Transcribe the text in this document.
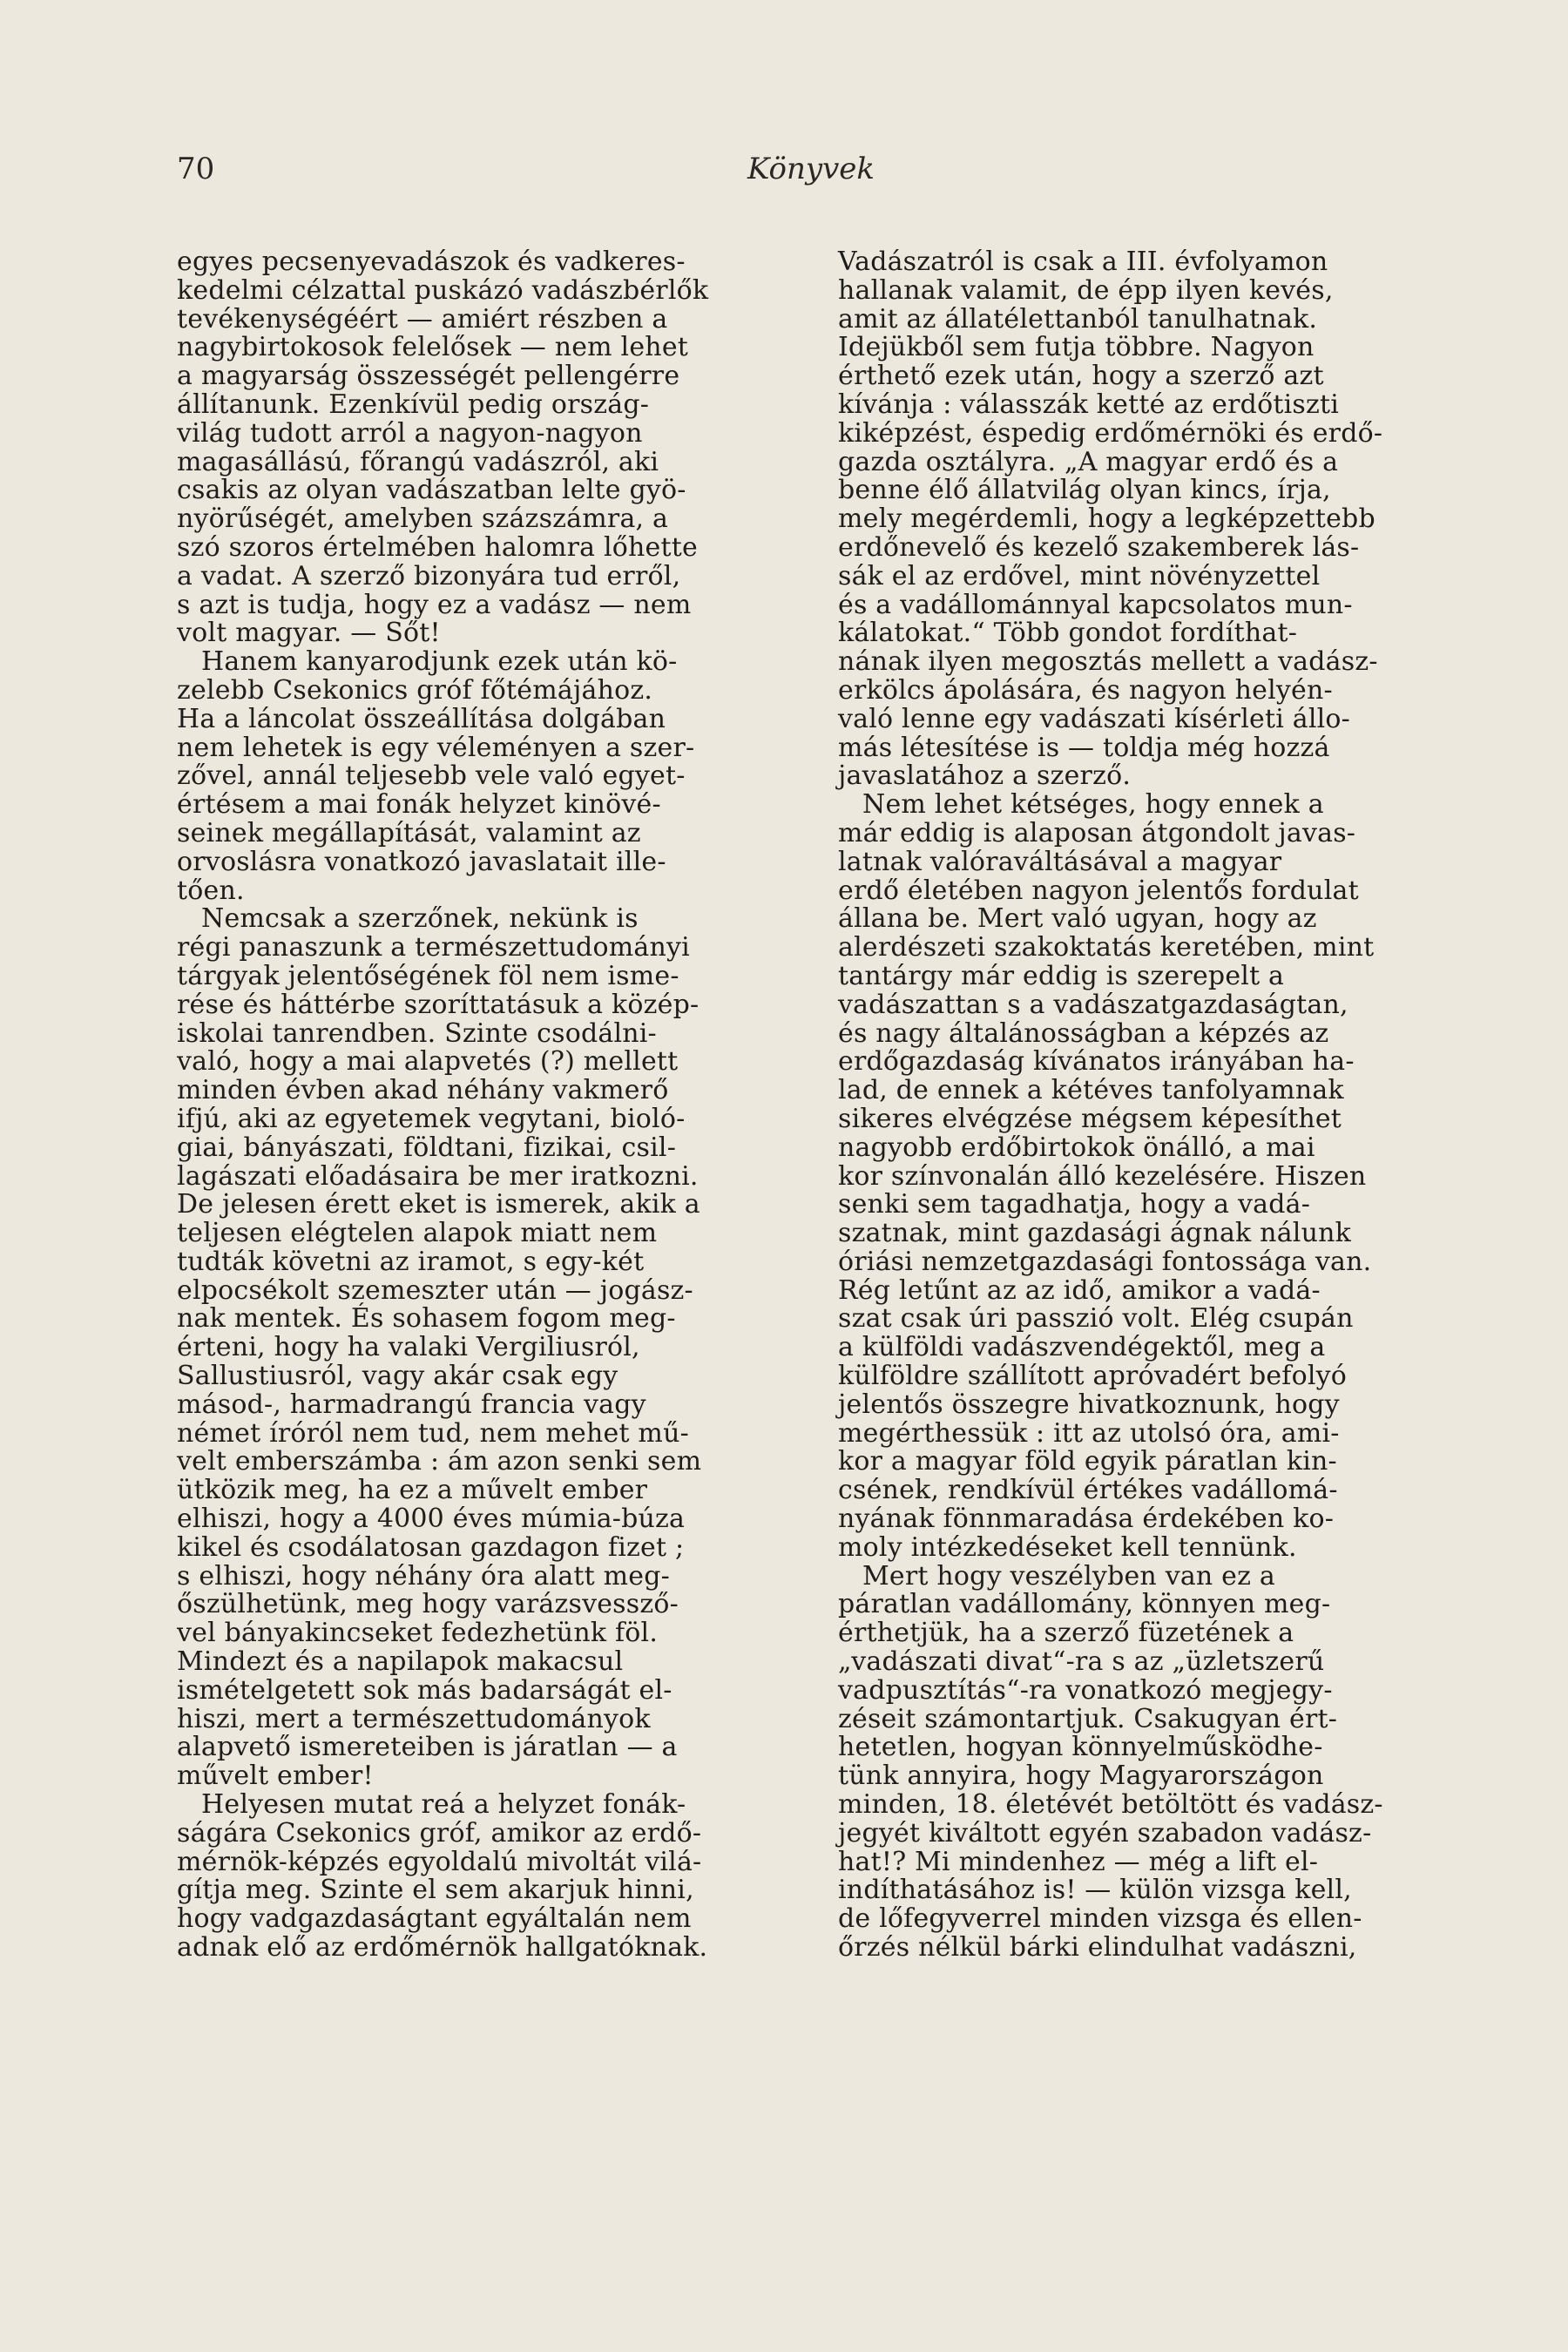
70	Könyvek

egyes pecsenyevadászok és vadkeres-
kedelmi célzattal puskázó vadászbérlők
tevékenységéért — amiért részben a
nagybirtokosok felelősek — nem lehet
a magyarság összességét pellengérre
állítanunk. Ezenkívül pedig ország-
világ tudott arról a nagyon-nagyon
magasállású, főrangú vadászról, aki
csakis az olyan vadászatban lelte gyö-
nyörűségét, amelyben százszámra, a
szó szoros értelmében halomra lőhette
a vadat. A szerző bizonyára tud erről,
s azt is tudja, hogy ez a vadász — nem
volt magyar. — Sőt!

Hanem kanyarodjunk ezek után kö-
zelebb Csekonics gróf főtémájához.
Ha a láncolat összeállítása dolgában
nem lehetek is egy véleményen a szer-
zővel, annál teljesebb vele való egyet-
értésem a mai fonák helyzet kinövé-
seinek megállapítását, valamint az
orvoslásra vonatkozó javaslatait ille-
tően.

Nemcsak a szerzőnek, nekünk is
régi panaszunk a természettudományi
tárgyak jelentőségének föl nem isme-
rése és háttérbe szoríttatásuk a közép-
iskolai tanrendben. Szinte csodálni-
való, hogy a mai alapvetés (?) mellett
minden évben akad néhány vakmerő
ifjú, aki az egyetemek vegytani, bioló-
giai, bányászati, földtani, fizikai, csil-
lagászati előadásaira be mer iratkozni.
De jelesen érett eket is ismerek, akik a
teljesen elégtelen alapok miatt nem
tudták követni az iramot, s egy-két
elpocsékolt szemeszter után — jogász-
nak mentek. És sohasem fogom meg-
érteni, hogy ha valaki Vergiliusról,
Sallustiusról, vagy akár csak egy
másod-, harmadrangú francia vagy
német íróról nem tud, nem mehet mű-
velt emberszámba : ám azon senki sem
ütközik meg, ha ez a művelt ember
elhiszi, hogy a 4000 éves múmia-búza
kikel és csodálatosan gazdagon fizet ;
s elhiszi, hogy néhány óra alatt meg-
őszülhetünk, meg hogy varázsvessző-
vel bányakincseket fedezhetünk föl.
Mindezt és a napilapok makacsul
ismételgetett sok más badarságát el-
hiszi, mert a természettudományok
alapvető ismereteiben is járatlan — a
művelt ember!

Helyesen mutat reá a helyzet fonák-
ságára Csekonics gróf, amikor az erdő-
mérnök-képzés egyoldalú mivoltát vilá-
gítja meg. Szinte el sem akarjuk hinni,
hogy vadgazdaságtant egyáltalán nem
adnak elő az erdőmérnök hallgatóknak.

Vadászatról is csak a III. évfolyamon
hallanak valamit, de épp ilyen kevés,
amit az állatélettanból tanulhatnak.
Idejükből sem futja többre. Nagyon
érthető ezek után, hogy a szerző azt
kívánja : válasszák ketté az erdőtiszti
kiképzést, éspedig erdőmérnöki és erdő-
gazda osztályra. „A magyar erdő és a
benne élő állatvilág olyan kincs, írja,
mely megérdemli, hogy a legképzettebb
erdőnevelő és kezelő szakemberek lás-
sák el az erdővel, mint növényzettel
és a vadállománnyal kapcsolatos mun-
kálatokat.“ Több gondot fordíthat-
nának ilyen megosztás mellett a vadász-
erkölcs ápolására, és nagyon helyén-
való lenne egy vadászati kísérleti állo-
más létesítése is — toldja még hozzá
javaslatához a szerző.

Nem lehet kétséges, hogy ennek a
már eddig is alaposan átgondolt javas-
latnak valóraváltásával a magyar
erdő életében nagyon jelentős fordulat
állana be. Mert való ugyan, hogy az
alerdészeti szakoktatás keretében, mint
tantárgy már eddig is szerepelt a
vadászattan s a vadászatgazdaságtan,
és nagy általánosságban a képzés az
erdőgazdaság kívánatos irányában ha-
lad, de ennek a kétéves tanfolyamnak
sikeres elvégzése mégsem képesíthet
nagyobb erdőbirtokok önálló, a mai
kor színvonalán álló kezelésére. Hiszen
senki sem tagadhatja, hogy a vadá-
szatnak, mint gazdasági ágnak nálunk
óriási nemzetgazdasági fontossága van.
Rég letűnt az az idő, amikor a vadá-
szat csak úri passzió volt. Elég csupán
a külföldi vadászvendégektől, meg a
külföldre szállított apróvadért befolyó
jelentős összegre hivatkoznunk, hogy
megérthessük : itt az utolsó óra, ami-
kor a magyar föld egyik páratlan kin-
csének, rendkívül értékes vadállomá-
nyának fönnmaradása érdekében ko-
moly intézkedéseket kell tennünk.

Mert hogy veszélyben van ez a
páratlan vadállomány, könnyen meg-
érthetjük, ha a szerző füzetének a
„vadászati divat“-ra s az „üzletszerű
vadpusztítás“-ra vonatkozó megjegy-
zéseit számontartjuk. Csakugyan ért-
hetetlen, hogyan könnyelműsködhe-
tünk annyira, hogy Magyarországon
minden, 18. életévét betöltött és vadász-
jegyét kiváltott egyén szabadon vadász-
hat!? Mi mindenhez — még a lift el-
indíthatásához is! — külön vizsga kell,
de lőfegyverrel minden vizsga és ellen-
őrzés nélkül bárki elindulhat vadászni,
